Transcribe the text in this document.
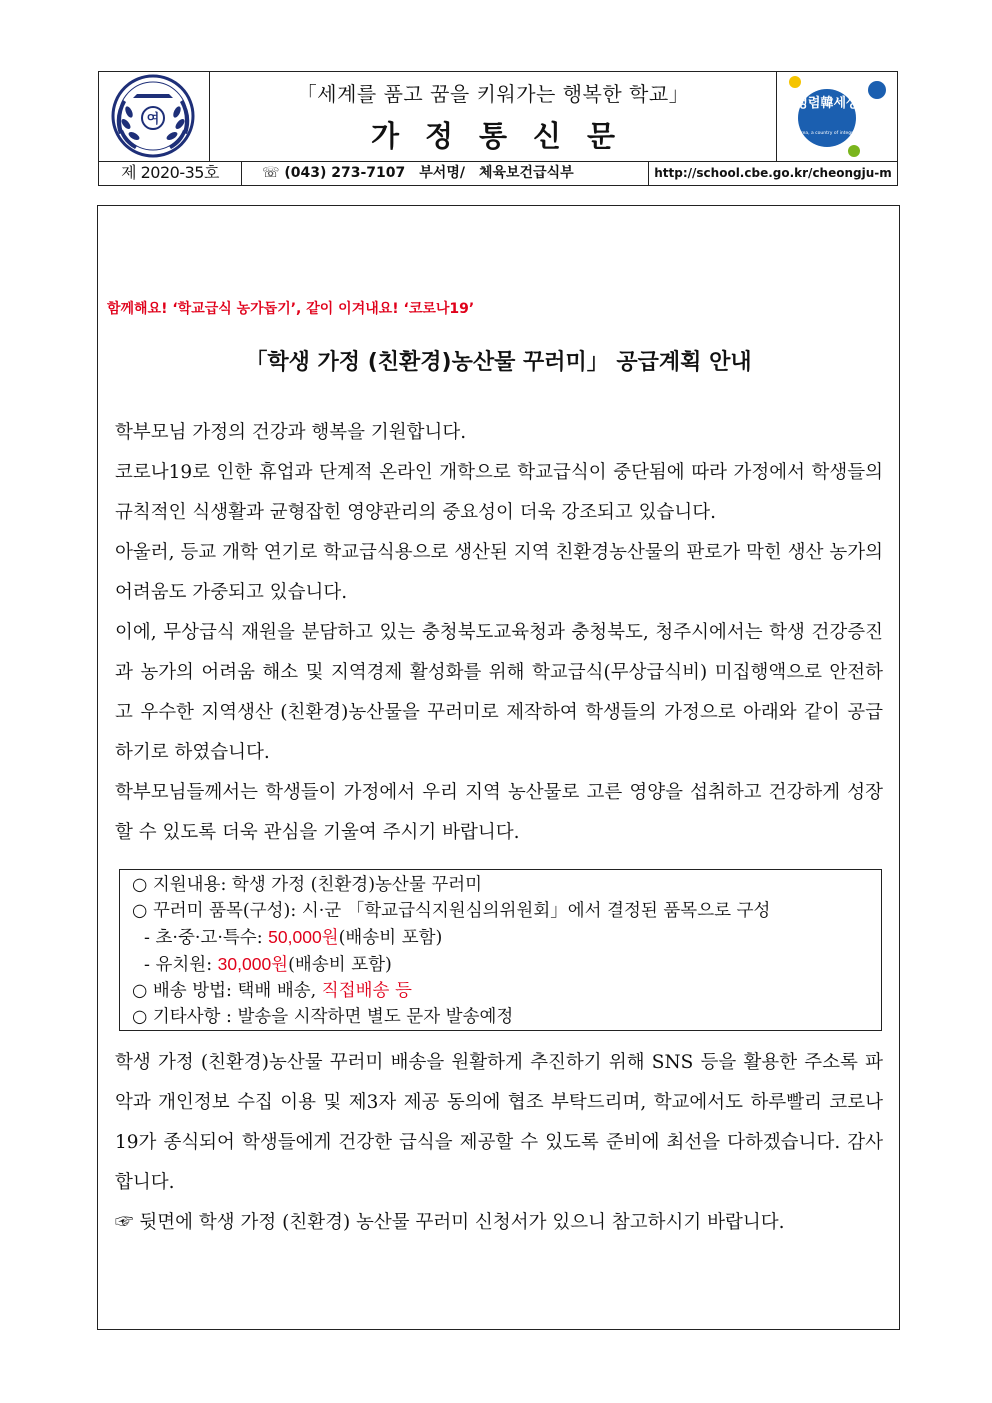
여
「세계를 품고 꿈을 키워가는 행복한 학교」
가정통신문
청렴韓세상
Korea, a country of integrity
제 2020-35호	☏ (043) 273-7107 부서명/ 체육보건급식부	http://school.cbe.go.kr/cheongju-m
함께해요! ‘학교급식 농가돕기’, 같이 이겨내요! ‘코로나19’
「학생 가정 (친환경)농산물 꾸러미」 공급계획 안내

학부모님 가정의 건강과 행복을 기원합니다.

코로나19로 인한 휴업과 단계적 온라인 개학으로 학교급식이 중단됨에 따라 가정에서 학생들의 규칙적인 식생활과 균형잡힌 영양관리의 중요성이 더욱 강조되고 있습니다.

아울러, 등교 개학 연기로 학교급식용으로 생산된 지역 친환경농산물의 판로가 막힌 생산 농가의 어려움도 가중되고 있습니다.

이에, 무상급식 재원을 분담하고 있는 충청북도교육청과 충청북도, 청주시에서는 학생 건강증진과 농가의 어려움 해소 및 지역경제 활성화를 위해 학교급식(무상급식비) 미집행액으로 안전하고 우수한 지역생산 (친환경)농산물을 꾸러미로 제작하여 학생들의 가정으로 아래와 같이 공급하기로 하였습니다.

학부모님들께서는 학생들이 가정에서 우리 지역 농산물로 고른 영양을 섭취하고 건강하게 성장할 수 있도록 더욱 관심을 기울여 주시기 바랍니다.

○ 지원내용: 학생 가정 (친환경)농산물 꾸러미
○ 꾸러미 품목(구성): 시·군 「학교급식지원심의위원회」에서 결정된 품목으로 구성
- 초·중·고·특수: 50,000원(배송비 포함)
- 유치원: 30,000원(배송비 포함)
○ 배송 방법: 택배 배송, 직접배송 등
○ 기타사항 : 발송을 시작하면 별도 문자 발송예정

학생 가정 (친환경)농산물 꾸러미 배송을 원활하게 추진하기 위해 SNS 등을 활용한 주소록 파악과 개인정보 수집 이용 및 제3자 제공 동의에 협조 부탁드리며, 학교에서도 하루빨리 코로나19가 종식되어 학생들에게 건강한 급식을 제공할 수 있도록 준비에 최선을 다하겠습니다. 감사합니다.

☞ 뒷면에 학생 가정 (친환경) 농산물 꾸러미 신청서가 있으니 참고하시기 바랍니다.
